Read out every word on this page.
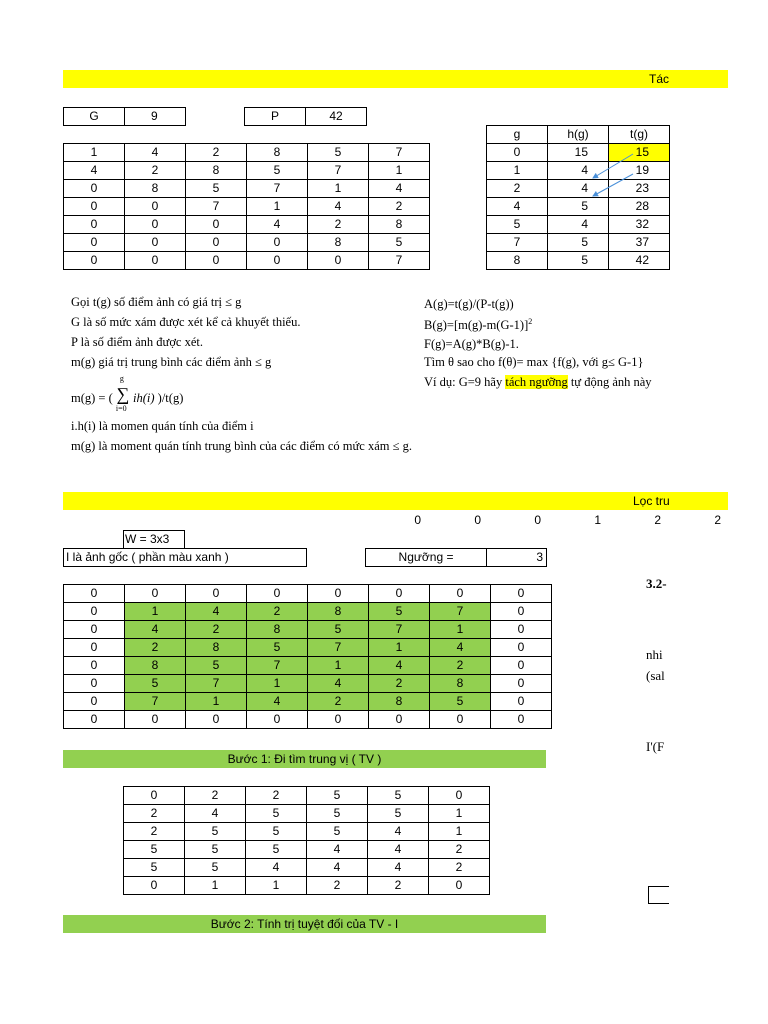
Tác
G	9	P	42
1	4	2	8	5	7
4	2	8	5	7	1
0	8	5	7	1	4
0	0	7	1	4	2
0	0	0	4	2	8
0	0	0	0	8	5
0	0	0	0	0	7
g	h(g)	t(g)
0	15	15
1	4	19
2	4	23
4	5	28
5	4	32
7	5	37
8	5	42
Gọi t(g) số điểm ảnh có giá trị ≤ g
G là số mức xám được xét kể cả khuyết thiếu.
P là số điểm ảnh được xét.
m(g) giá trị trung bình các điểm ảnh ≤ g
m(g) = (
g
∑
i=0
ih(i) )/t(g)
i.h(i) là momen quán tính của điểm i
m(g) là moment quán tính trung bình của các điểm có mức xám ≤ g.
A(g)=t(g)/(P-t(g))
$B(g)=[m(g)-m(G-1)]^2$
F(g)=A(g)*B(g)-1.
Tìm θ sao cho f(θ)= max {f(g), với g≤ G-1}
Ví dụ: G=9 hãy tách ngưỡng tự động ảnh này
Lọc tru
0	0	0	1	2	2
W = 3x3
I là ảnh gốc ( phần màu xanh )	Ngưỡng =	3
0	0	0	0	0	0	0	0
0	1	4	2	8	5	7	0
0	4	2	8	5	7	1	0
0	2	8	5	7	1	4	0
0	8	5	7	1	4	2	0
0	5	7	1	4	2	8	0
0	7	1	4	2	8	5	0
0	0	0	0	0	0	0	0
3.2-
nhi
(sal
I'(F
Bước 1: Đi tìm trung vị ( TV )
0	2	2	5	5	0
2	4	5	5	5	1
2	5	5	5	4	1
5	5	5	4	4	2
5	5	4	4	4	2
0	1	1	2	2	0
Bước 2: Tính trị tuyệt đối của TV - I
